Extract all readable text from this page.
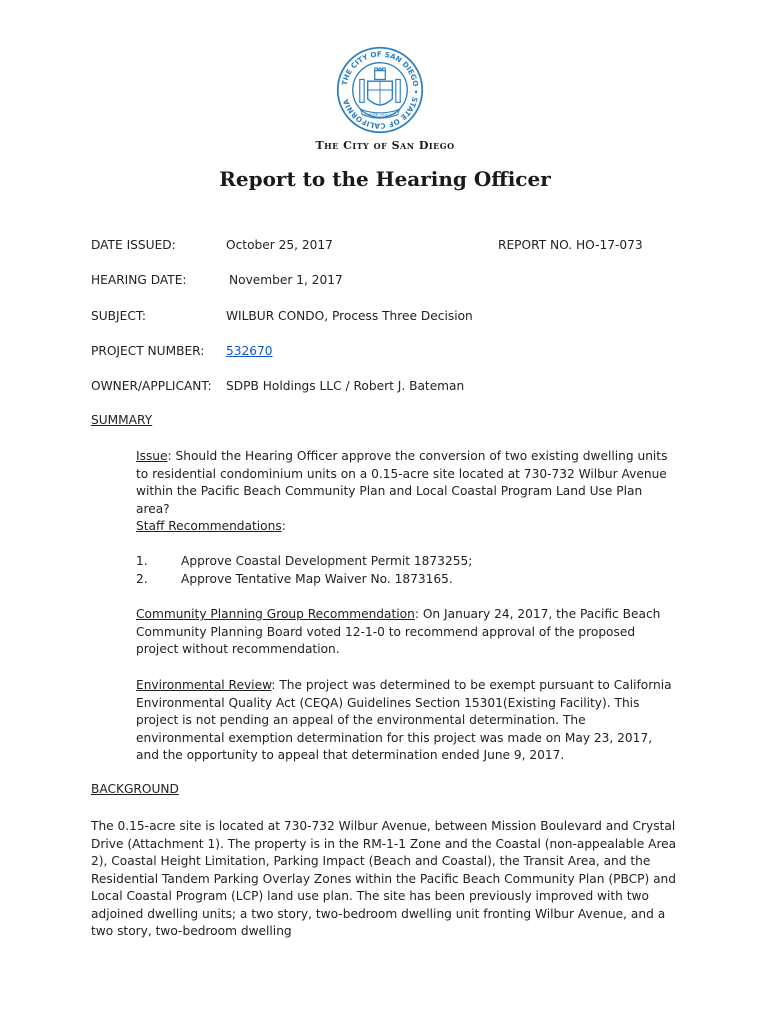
THE CITY OF SAN DIEGO • STATE OF CALIFORNIA
SEMPER VIGILANS
The City of San Diego
Report to the Hearing Officer
DATE ISSUED:	October 25, 2017	REPORT NO. HO-17-073
HEARING DATE:	November 1, 2017
SUBJECT:	WILBUR CONDO, Process Three Decision
PROJECT NUMBER: 532670
OWNER/APPLICANT: SDPB Holdings LLC / Robert J. Bateman
SUMMARY

Issue: Should the Hearing Officer approve the conversion of two existing dwelling units to residential condominium units on a 0.15-acre site located at 730-732 Wilbur Avenue within the Pacific Beach Community Plan and Local Coastal Program Land Use Plan area?

Staff Recommendations:

1.	Approve Coastal Development Permit 1873255;
2.	Approve Tentative Map Waiver No. 1873165.

Community Planning Group Recommendation: On January 24, 2017, the Pacific Beach Community Planning Board voted 12-1-0 to recommend approval of the proposed project without recommendation.

Environmental Review: The project was determined to be exempt pursuant to California Environmental Quality Act (CEQA) Guidelines Section 15301(Existing Facility). This project is not pending an appeal of the environmental determination. The environmental exemption determination for this project was made on May 23, 2017, and the opportunity to appeal that determination ended June 9, 2017.

BACKGROUND

The 0.15-acre site is located at 730-732 Wilbur Avenue, between Mission Boulevard and Crystal Drive (Attachment 1). The property is in the RM-1-1 Zone and the Coastal (non-appealable Area 2), Coastal Height Limitation, Parking Impact (Beach and Coastal), the Transit Area, and the Residential Tandem Parking Overlay Zones within the Pacific Beach Community Plan (PBCP) and Local Coastal Program (LCP) land use plan. The site has been previously improved with two adjoined dwelling units; a two story, two-bedroom dwelling unit fronting Wilbur Avenue, and a two story, two-bedroom dwelling
